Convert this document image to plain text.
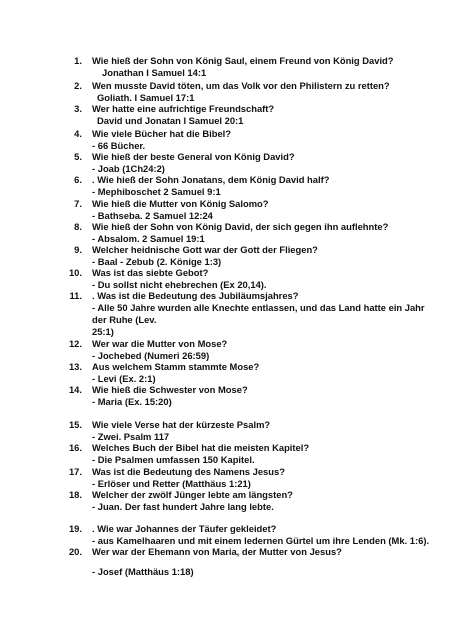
1. Wie hieß der Sohn von König Saul, einem Freund von König David?
Jonathan I Samuel 14:1
2. Wen musste David töten, um das Volk vor den Philistern zu retten?
Goliath. I Samuel 17:1
3. Wer hatte eine aufrichtige Freundschaft?
David und Jonatan I Samuel 20:1
4. Wie viele Bücher hat die Bibel?
- 66 Bücher.
5. Wie hieß der beste General von König David?
- Joab (1Ch24:2)
6. . Wie hieß der Sohn Jonatans, dem König David half?
- Mephiboschet 2 Samuel 9:1
7. Wie hieß die Mutter von König Salomo?
- Bathseba. 2 Samuel 12:24
8. Wie hieß der Sohn von König David, der sich gegen ihn auflehnte?
- Absalom. 2 Samuel 19:1
9. Welcher heidnische Gott war der Gott der Fliegen?
- Baal - Zebub (2. Könige 1:3)
10. Was ist das siebte Gebot?
- Du sollst nicht ehebrechen (Ex 20,14).
11. . Was ist die Bedeutung des Jubiläumsjahres?
- Alle 50 Jahre wurden alle Knechte entlassen, und das Land hatte ein Jahr
der Ruhe (Lev.
25:1)
12. Wer war die Mutter von Mose?
- Jochebed (Numeri 26:59)
13. Aus welchem Stamm stammte Mose?
- Levi (Ex. 2:1)
14. Wie hieß die Schwester von Mose?
- Maria (Ex. 15:20)
15. Wie viele Verse hat der kürzeste Psalm?
- Zwei. Psalm 117
16. Welches Buch der Bibel hat die meisten Kapitel?
- Die Psalmen umfassen 150 Kapitel.
17. Was ist die Bedeutung des Namens Jesus?
- Erlöser und Retter (Matthäus 1:21)
18. Welcher der zwölf Jünger lebte am längsten?
- Juan. Der fast hundert Jahre lang lebte.
19. . Wie war Johannes der Täufer gekleidet?
- aus Kamelhaaren und mit einem ledernen Gürtel um ihre Lenden (Mk. 1:6).
20. Wer war der Ehemann von Maria, der Mutter von Jesus?
- Josef (Matthäus 1:18)
